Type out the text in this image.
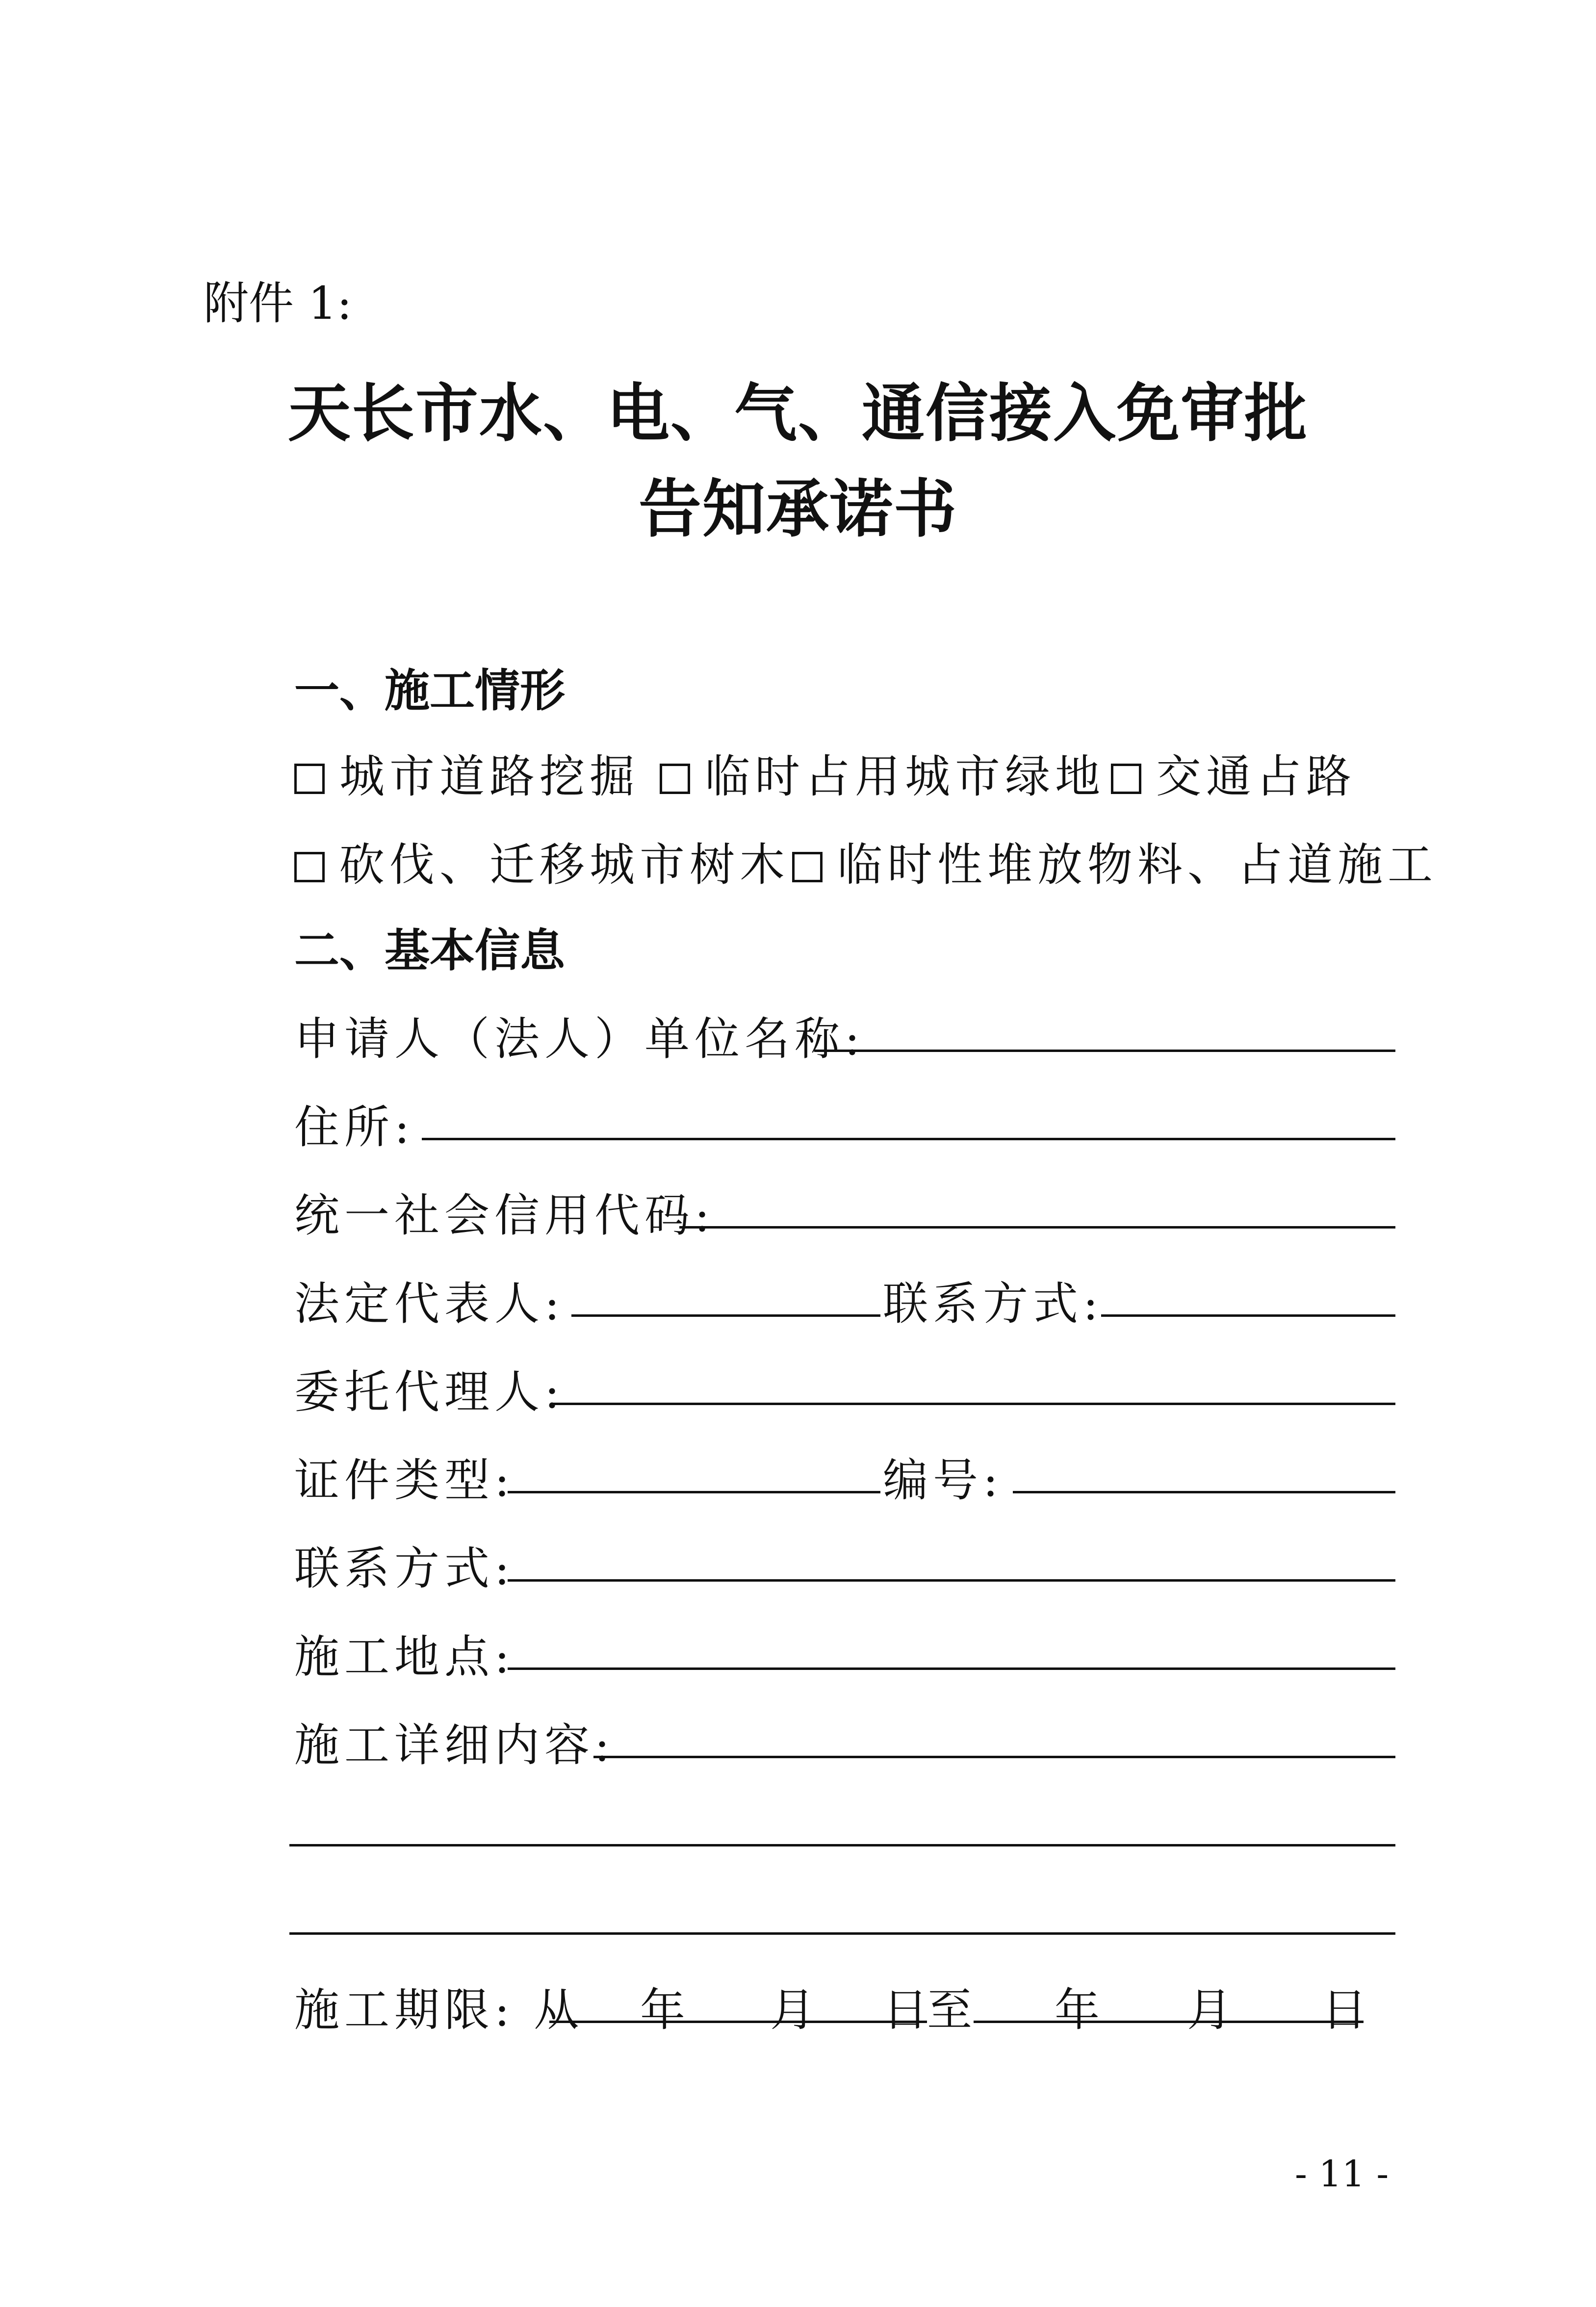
附件 1:
天长市水、电、气、通信接入免审批
告知承诺书
一、施工情形
城市道路挖掘	临时占用城市绿地	交通占路
砍伐、迁移城市树木	临时性堆放物料、占道施工
二、基本信息
申请人（法人）单位名称:
住所:
统一社会信用代码:
法定代表人:	联系方式:
委托代理人:
证件类型:	编号:
联系方式:
施工地点:
施工详细内容:
施工期限: 从 年 月 日
至 年 月 日
- 11 -
